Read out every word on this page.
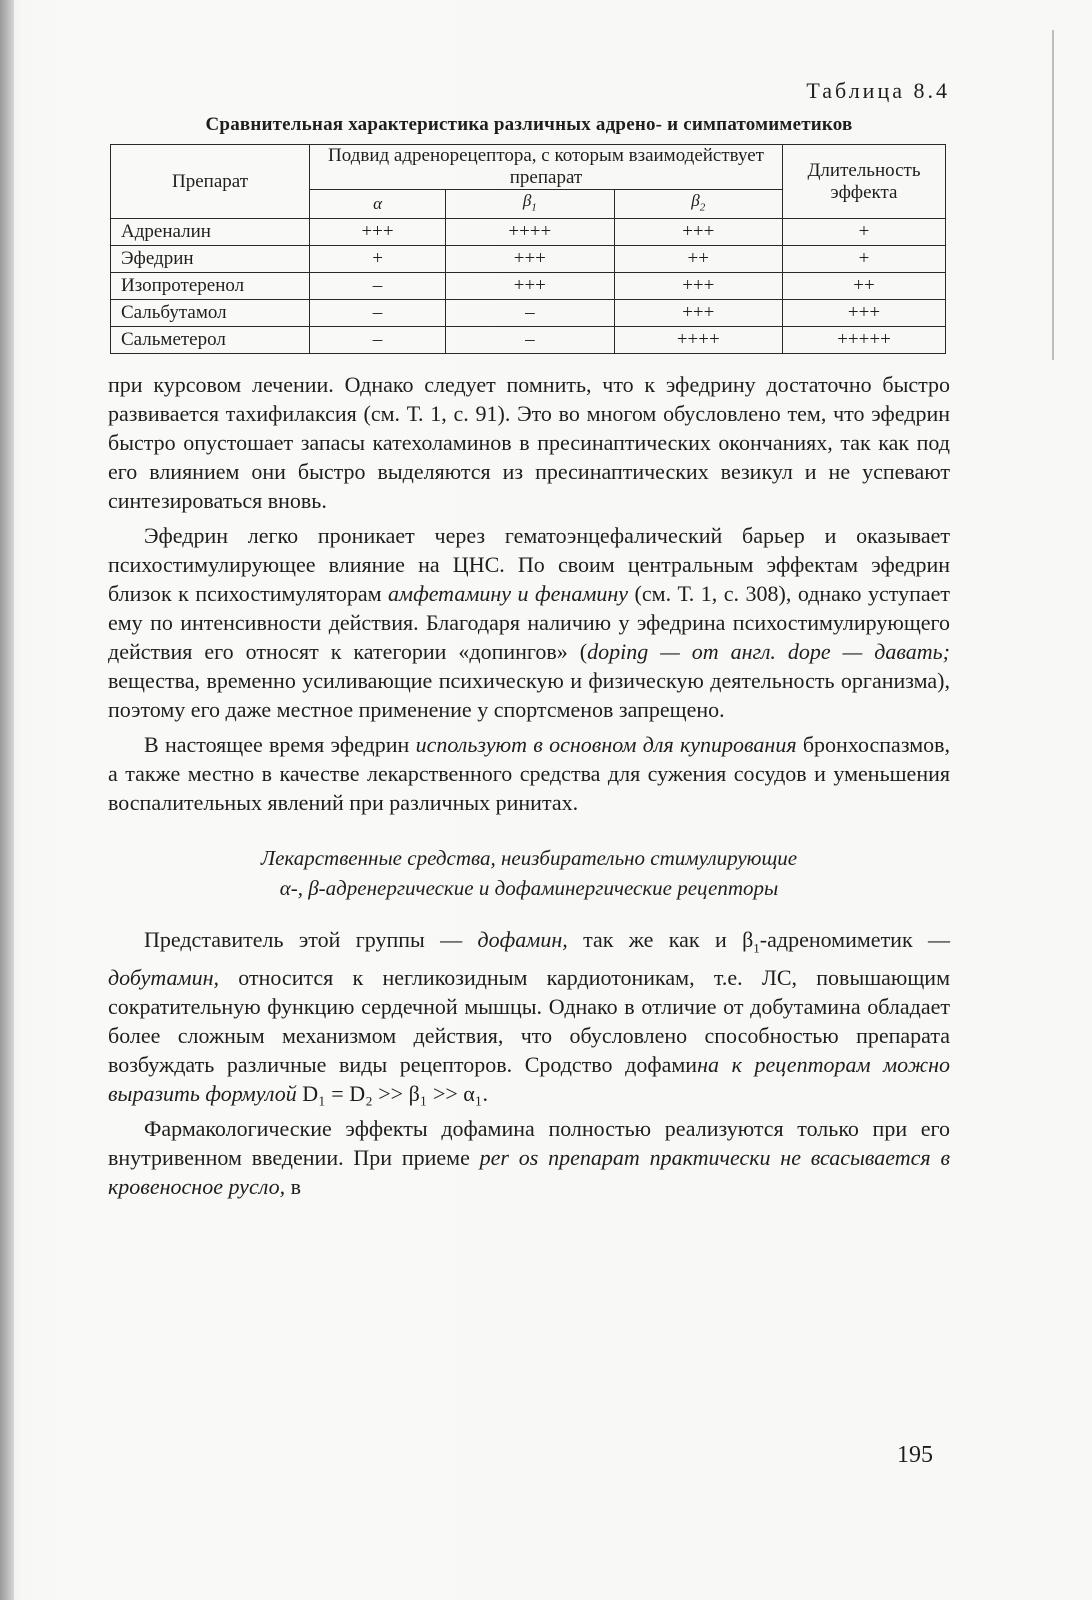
Таблица 8.4
Сравнительная характеристика различных адрено- и симпатомиметиков
Препарат	Подвид адренорецептора, с которым взаимодействует препарат			Длительность эффекта
	α	$\beta_1$	$\beta_2$
Адреналин	+++	++++	+++	+
Эфедрин	+	+++	++	+
Изопротеренол	–	+++	+++	++
Сальбутамол	–	–	+++	+++
Сальметерол	–	–	++++	+++++

при курсовом лечении. Однако следует помнить, что к эфедрину достаточно быстро развивается тахифилаксия (см. Т. 1, с. 91). Это во многом обусловлено тем, что эфедрин быстро опустошает запасы катехоламинов в пресинаптических окончаниях, так как под его влиянием они быстро выделяются из пресинаптических везикул и не успевают синтезироваться вновь.

Эфедрин легко проникает через гематоэнцефалический барьер и оказывает психостимулирующее влияние на ЦНС. По своим центральным эффектам эфедрин близок к психостимуляторам амфетамину и фенамину (см. Т. 1, с. 308), однако уступает ему по интенсивности действия. Благодаря наличию у эфедрина психостимулирующего действия его относят к категории «допингов» (doping — от англ. dope — давать; вещества, временно усиливающие психическую и физическую деятельность организма), поэтому его даже местное применение у спортсменов запрещено.

В настоящее время эфедрин используют в основном для купирования бронхоспазмов, а также местно в качестве лекарственного средства для сужения сосудов и уменьшения воспалительных явлений при различных ринитах.

Лекарственные средства, неизбирательно стимулирующие
α-, β-адренергические и дофаминергические рецепторы

Представитель этой группы — дофамин, так же как и $\beta_1$-адреномиметик — добутамин, относится к негликозидным кардиотоникам, т.е. ЛС, повышающим сократительную функцию сердечной мышцы. Однако в отличие от добутамина обладает более сложным механизмом действия, что обусловлено способностью препарата возбуждать различные виды рецепторов. Сродство дофамина к рецепторам можно выразить формулой D₁ = D₂ >> β₁ >> α₁.

Фармакологические эффекты дофамина полностью реализуются только при его внутривенном введении. При приеме per os препарат практически не всасывается в кровеносное русло, в

195
